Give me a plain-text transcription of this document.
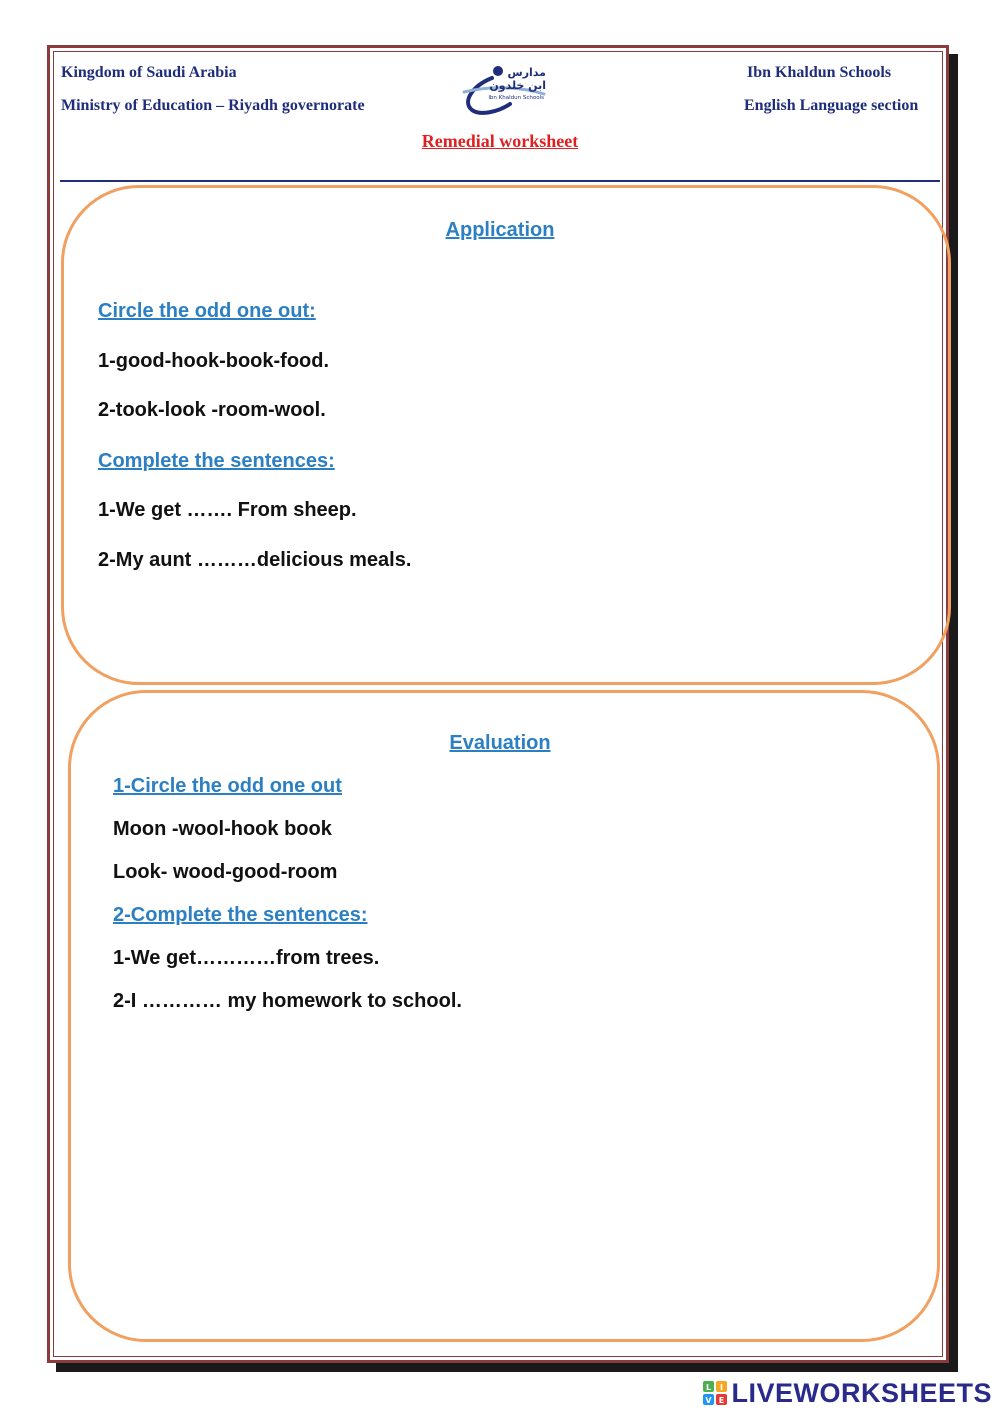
Kingdom of Saudi Arabia
Ministry of Education – Riyadh governorate
Ibn Khaldun Schools
English Language section
مدارس
ابن خلدون
Ibn Khaldun Schools
Remedial worksheet
Application
Circle the odd one out:
1-good-hook-book-food.
2-took-look -room-wool.
Complete the sentences:
1-We get ……. From sheep.
2-My aunt ………delicious meals.
Evaluation
1-Circle the odd one out
Moon -wool-hook book
Look- wood-good-room
2-Complete the sentences:
1-We get…………from trees.
2-I ………… my homework to school.
L I
V E LIVEWORKSHEETS
